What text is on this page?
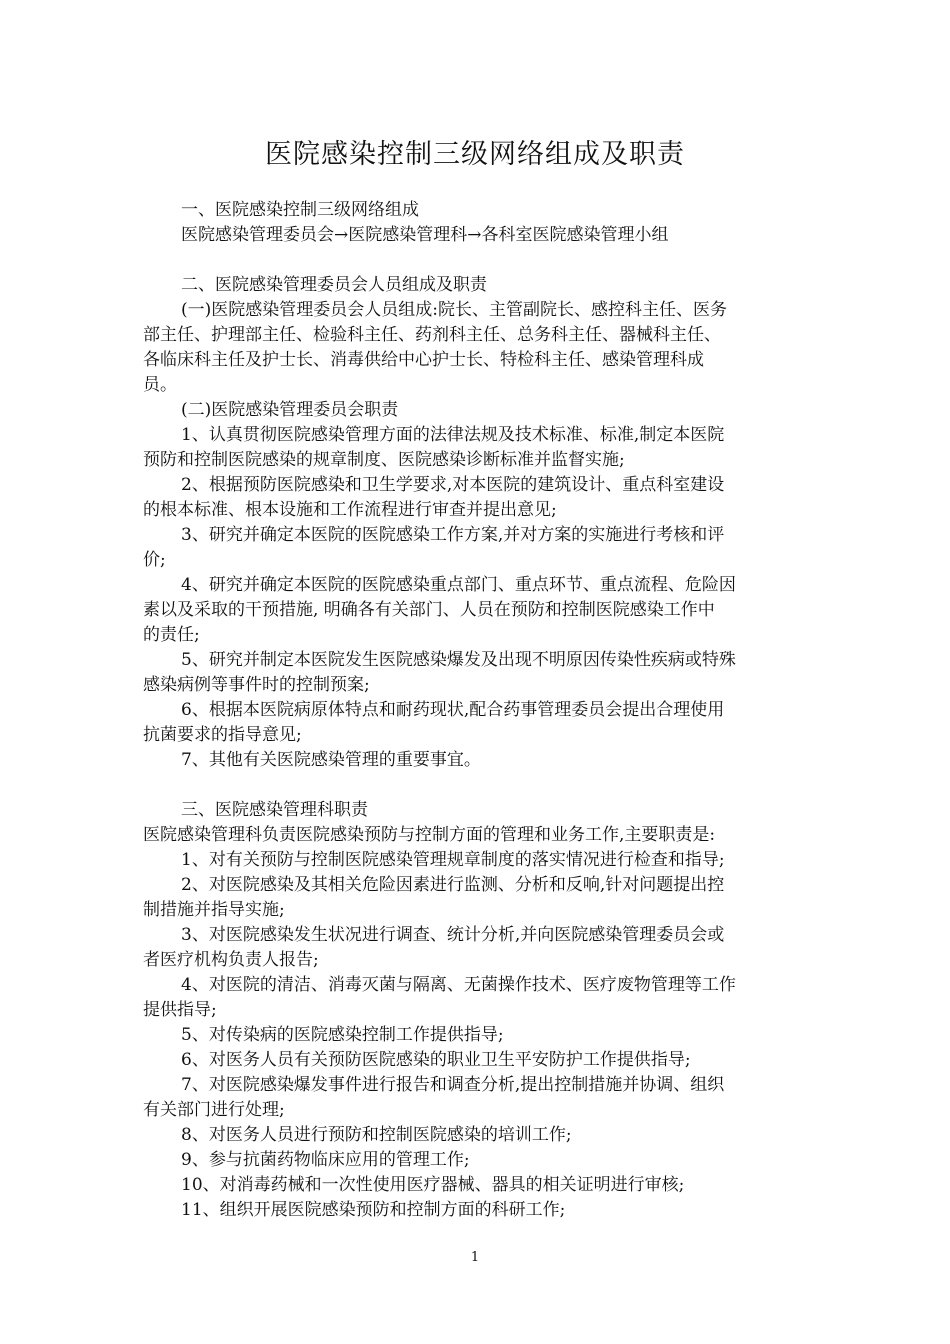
医院感染控制三级网络组成及职责

一、医院感染控制三级网络组成

医院感染管理委员会→医院感染管理科→各科室医院感染管理小组

二、医院感染管理委员会人员组成及职责

(一)医院感染管理委员会人员组成:院长、主管副院长、感控科主任、医务

部主任、护理部主任、检验科主任、药剂科主任、总务科主任、器械科主任、

各临床科主任及护士长、消毒供给中心护士长、特检科主任、感染管理科成

员。

(二)医院感染管理委员会职责

1、认真贯彻医院感染管理方面的法律法规及技术标准、标准,制定本医院

预防和控制医院感染的规章制度、医院感染诊断标准并监督实施;

2、根据预防医院感染和卫生学要求,对本医院的建筑设计、重点科室建设

的根本标准、根本设施和工作流程进行审查并提出意见;

3、研究并确定本医院的医院感染工作方案,并对方案的实施进行考核和评

价;

4、研究并确定本医院的医院感染重点部门、重点环节、重点流程、危险因

素以及采取的干预措施, 明确各有关部门、人员在预防和控制医院感染工作中

的责任;

5、研究并制定本医院发生医院感染爆发及出现不明原因传染性疾病或特殊

感染病例等事件时的控制预案;

6、根据本医院病原体特点和耐药现状,配合药事管理委员会提出合理使用

抗菌要求的指导意见;

7、其他有关医院感染管理的重要事宜。

三、医院感染管理科职责

医院感染管理科负责医院感染预防与控制方面的管理和业务工作,主要职责是:

1、对有关预防与控制医院感染管理规章制度的落实情况进行检查和指导;

2、对医院感染及其相关危险因素进行监测、分析和反响,针对问题提出控

制措施并指导实施;

3、对医院感染发生状况进行调查、统计分析,并向医院感染管理委员会或

者医疗机构负责人报告;

4、对医院的清洁、消毒灭菌与隔离、无菌操作技术、医疗废物管理等工作

提供指导;

5、对传染病的医院感染控制工作提供指导;

6、对医务人员有关预防医院感染的职业卫生平安防护工作提供指导;

7、对医院感染爆发事件进行报告和调查分析,提出控制措施并协调、组织

有关部门进行处理;

8、对医务人员进行预防和控制医院感染的培训工作;

9、参与抗菌药物临床应用的管理工作;

10、对消毒药械和一次性使用医疗器械、器具的相关证明进行审核;

11、组织开展医院感染预防和控制方面的科研工作;

1
